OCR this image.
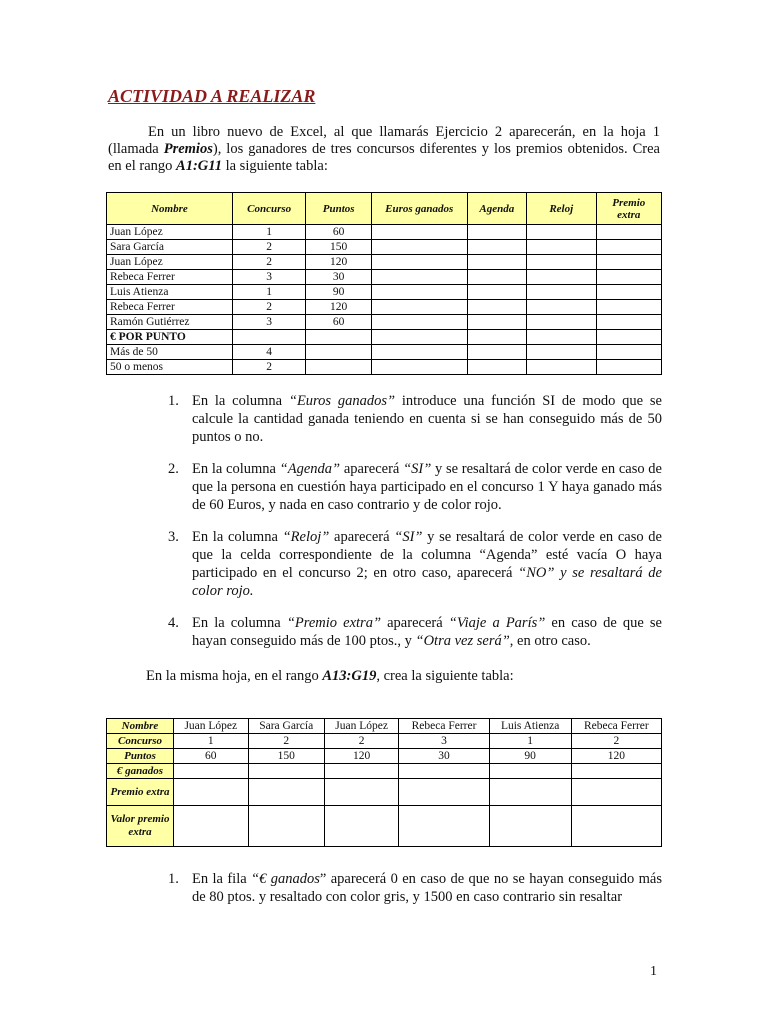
ACTIVIDAD A REALIZAR

En un libro nuevo de Excel, al que llamarás Ejercicio 2 aparecerán, en la hoja 1 (llamada Premios), los ganadores de tres concursos diferentes y los premios obtenidos. Crea en el rango A1:G11 la siguiente tabla:

Nombre	Concurso	Puntos	Euros ganados	Agenda	Reloj	Premio extra
Juan López	1	60				
Sara García	2	150				
Juan López	2	120				
Rebeca Ferrer	3	30				
Luis Atienza	1	90				
Rebeca Ferrer	2	120				
Ramón Gutiérrez	3	60				
€ POR PUNTO						
Más de 50	4					
50 o menos	2					
1. En la columna “Euros ganados” introduce una función SI de modo que se calcule la cantidad ganada teniendo en cuenta si se han conseguido más de 50 puntos o no.
2. En la columna “Agenda” aparecerá “SI” y se resaltará de color verde en caso de que la persona en cuestión haya participado en el concurso 1 Y haya ganado más de 60 Euros, y nada en caso contrario y de color rojo.
3. En la columna “Reloj” aparecerá “SI” y se resaltará de color verde en caso de que la celda correspondiente de la columna “Agenda” esté vacía O haya participado en el concurso 2; en otro caso, aparecerá “NO” y se resaltará de color rojo.
4. En la columna “Premio extra” aparecerá “Viaje a París” en caso de que se hayan conseguido más de 100 ptos., y “Otra vez será”, en otro caso.

En la misma hoja, en el rango A13:G19, crea la siguiente tabla:

Nombre	Juan López	Sara García	Juan López	Rebeca Ferrer	Luis Atienza	Rebeca Ferrer
Concurso	1	2	2	3	1	2
Puntos	60	150	120	30	90	120
€ ganados						
Premio extra						
Valor premio extra						
1. En la fila “€ ganados” aparecerá 0 en caso de que no se hayan conseguido más de 80 ptos. y resaltado con color gris, y 1500 en caso contrario sin resaltar
1
